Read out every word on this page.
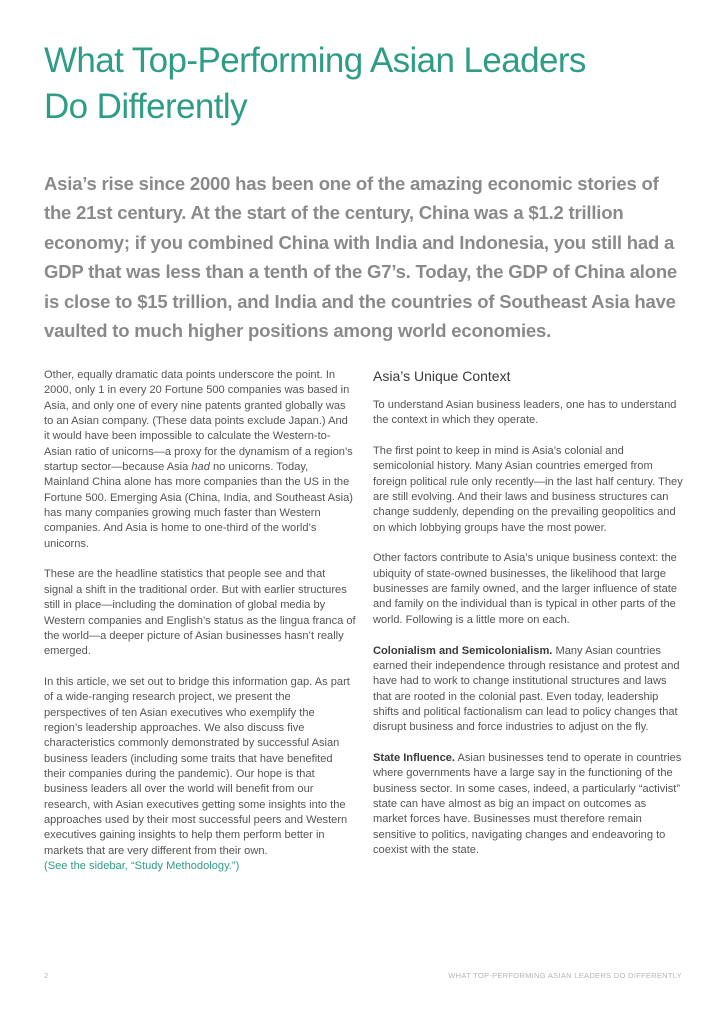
What Top-Performing Asian Leaders
Do Differently

Asia’s rise since 2000 has been one of the amazing economic stories of the 21st century. At the start of the century, China was a $1.2 trillion economy; if you combined China with India and Indonesia, you still had a GDP that was less than a tenth of the G7’s. Today, the GDP of China alone is close to $15 trillion, and India and the countries of Southeast Asia have vaulted to much higher positions among world economies.

Other, equally dramatic data points underscore the point. In 2000, only 1 in every 20 Fortune 500 companies was based in Asia, and only one of every nine patents granted globally was to an Asian company. (These data points exclude Japan.) And it would have been impossible to calculate the Western-to-Asian ratio of unicorns—a proxy for the dynamism of a region’s startup sector—because Asia had no unicorns. Today, Mainland China alone has more companies than the US in the Fortune 500. Emerging Asia (China, India, and Southeast Asia) has many companies growing much faster than Western companies. And Asia is home to one-third of the world’s unicorns.

These are the headline statistics that people see and that signal a shift in the traditional order. But with earlier structures still in place—including the domination of global media by Western companies and English’s status as the lingua franca of the world—a deeper picture of Asian businesses hasn’t really emerged.

In this article, we set out to bridge this information gap. As part of a wide-ranging research project, we present the perspectives of ten Asian executives who exemplify the region’s leadership approaches. We also discuss five characteristics commonly demonstrated by successful Asian business leaders (including some traits that have benefited their companies during the pandemic). Our hope is that business leaders all over the world will benefit from our research, with Asian executives getting some insights into the approaches used by their most successful peers and Western executives gaining insights to help them perform better in markets that are very different from their own.
(See the sidebar, “Study Methodology.”)

Asia’s Unique Context

To understand Asian business leaders, one has to understand the context in which they operate.

The first point to keep in mind is Asia’s colonial and semicolonial history. Many Asian countries emerged from foreign political rule only recently—in the last half century. They are still evolving. And their laws and business structures can change suddenly, depending on the prevailing geopolitics and on which lobbying groups have the most power.

Other factors contribute to Asia’s unique business context: the ubiquity of state-owned businesses, the likelihood that large businesses are family owned, and the larger influence of state and family on the individual than is typical in other parts of the world. Following is a little more on each.

Colonialism and Semicolonialism. Many Asian countries earned their independence through resistance and protest and have had to work to change institutional structures and laws that are rooted in the colonial past. Even today, leadership shifts and political factionalism can lead to policy changes that disrupt business and force industries to adjust on the fly.

State Influence. Asian businesses tend to operate in countries where governments have a large say in the functioning of the business sector. In some cases, indeed, a particularly “activist” state can have almost as big an impact on outcomes as market forces have. Businesses must therefore remain sensitive to politics, navigating changes and endeavoring to coexist with the state.

2	WHAT TOP-PERFORMING ASIAN LEADERS DO DIFFERENTLY
